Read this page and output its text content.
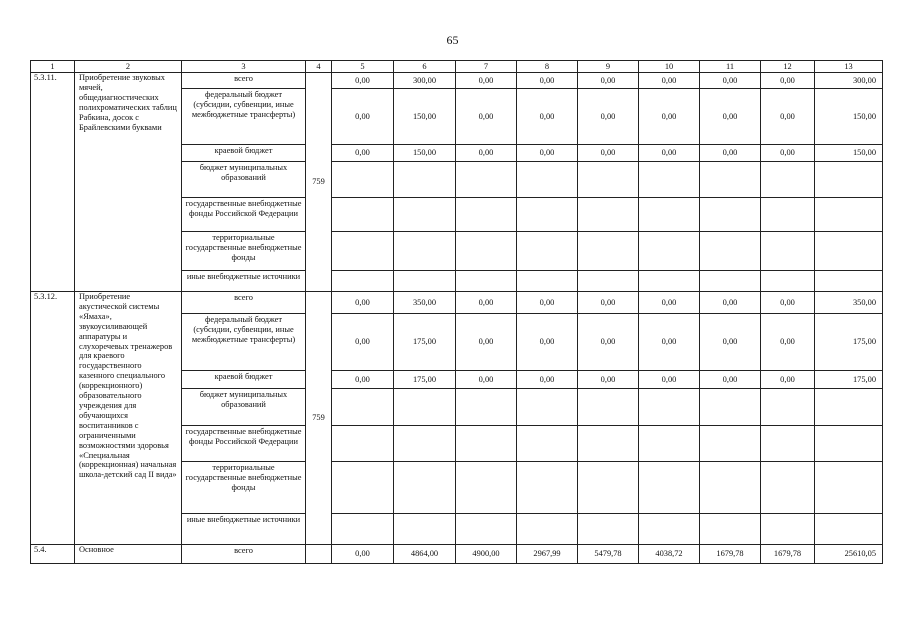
65
1	2	3	4	5	6	7	8	9	10	11	12	13
5.3.11.	Приобретение звуковых мячей, общедиагностических полихроматических таблиц Рабкина, досок с Брайлевскими буквами	всего	759	0,00	300,00	0,00	0,00	0,00	0,00	0,00	0,00	300,00
		федеральный бюджет (субсидии, субвенции, иные межбюджетные трансферты)		0,00	150,00	0,00	0,00	0,00	0,00	0,00	0,00	150,00
		краевой бюджет		0,00	150,00	0,00	0,00	0,00	0,00	0,00	0,00	150,00
		бюджет муниципальных образований										
		государственные внебюджетные фонды Российской Федерации										
		территориальные государственные внебюджетные фонды										
		иные внебюджетные источники										
5.3.12.	Приобретение акустической системы «Ямаха», звукоусиливающей аппаратуры и слухоречевых тренажеров для краевого государственного казенного специального (коррекционного) образовательного учреждения для обучающихся воспитанников с ограниченными возможностями здоровья «Специальная (коррекционная) начальная школа-детский сад II вида»	всего	759	0,00	350,00	0,00	0,00	0,00	0,00	0,00	0,00	350,00
		федеральный бюджет (субсидии, субвенции, иные межбюджетные трансферты)		0,00	175,00	0,00	0,00	0,00	0,00	0,00	0,00	175,00
		краевой бюджет		0,00	175,00	0,00	0,00	0,00	0,00	0,00	0,00	175,00
		бюджет муниципальных образований										
		государственные внебюджетные фонды Российской Федерации										
		территориальные государственные внебюджетные фонды										
		иные внебюджетные источники										
5.4.	Основное	всего		0,00	4864,00	4900,00	2967,99	5479,78	4038,72	1679,78	1679,78	25610,05
